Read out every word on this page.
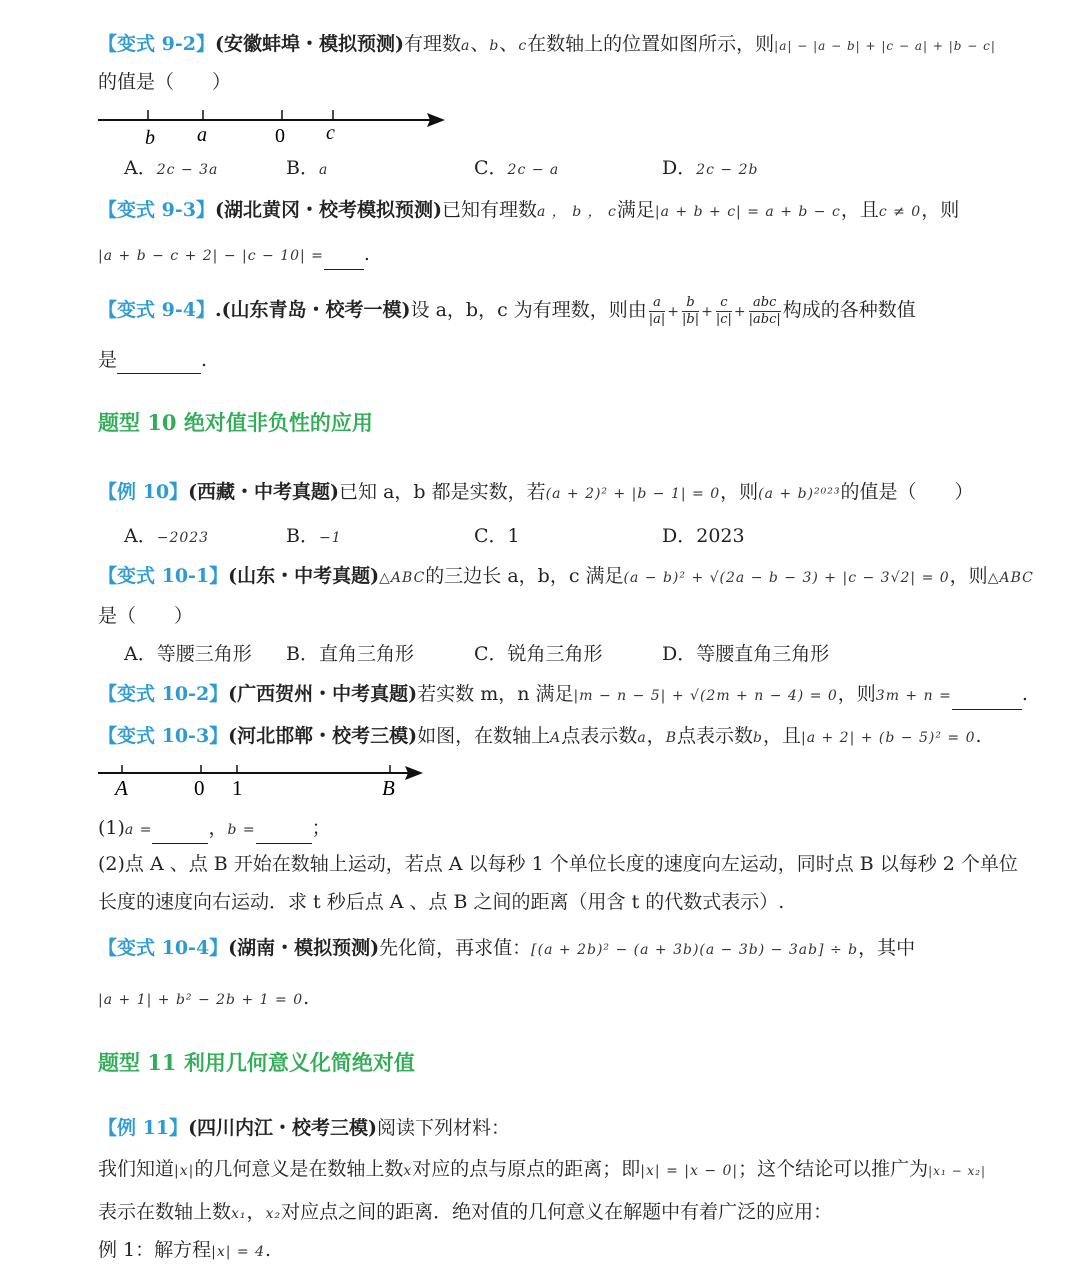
【变式 9-2】(安徽蚌埠・模拟预测)有理数a、b、c在数轴上的位置如图所示，则|a| − |a − b| + |c − a| + |b − c|
的值是（　　）
b a	0 c
A．2c − 3a	B．a	C．2c − a	D．2c − 2b
【变式 9-3】(湖北黄冈・校考模拟预测)已知有理数a ， b ， c满足|a + b + c| = a + b − c，且c ≠ 0，则
|a + b − c + 2| − |c − 10| = .
【变式 9-4】.(山东青岛・校考一模)设 a，b，c 为有理数，则由 $\frac{a}{|a|} + \frac{b}{|b|} + \frac{c}{|c|} + \frac{\text{abc}}{\text{|abc|}}$ 构成的各种数值
是	.
题型 10 绝对值非负性的应用
【例 10】(西藏・中考真题)已知 a，b 都是实数，若(a + 2)² + |b − 1| = 0，则(a + b)²⁰²³的值是（　　）
A．−2023	B．−1	C．1	D．2023
【变式 10-1】(山东・中考真题)△ABC的三边长 a，b，c 满足(a − b)² + √(2a − b − 3) + |c − 3√2| = 0，则△ABC
是（　　）
A．等腰三角形 B．直角三角形	C．锐角三角形	D．等腰直角三角形
【变式 10-2】(广西贺州・中考真题)若实数 m，n 满足|m − n − 5| + √(2m + n − 4) = 0，则3m + n =	.
【变式 10-3】(河北邯郸・校考三模)如图，在数轴上A点表示数a，B点表示数b，且|a + 2| + (b − 5)² = 0.
A	0 1	B
(1)a =	，b =	；
(2)点 A 、点 B 开始在数轴上运动，若点 A 以每秒 1 个单位长度的速度向左运动，同时点 B 以每秒 2 个单位
长度的速度向右运动．求 t 秒后点 A 、点 B 之间的距离（用含 t 的代数式表示）.
【变式 10-4】(湖南・模拟预测)先化简，再求值：[(a + 2b)² − (a + 3b)(a − 3b) − 3ab] ÷ b，其中
|a + 1| + b² − 2b + 1 = 0.
题型 11 利用几何意义化简绝对值
【例 11】(四川内江・校考三模)阅读下列材料：
我们知道|x|的几何意义是在数轴上数x对应的点与原点的距离；即|x| = |x − 0|；这个结论可以推广为|x₁ − x₂|
表示在数轴上数x₁，x₂对应点之间的距离．绝对值的几何意义在解题中有着广泛的应用：
例 1：解方程|x| = 4.
